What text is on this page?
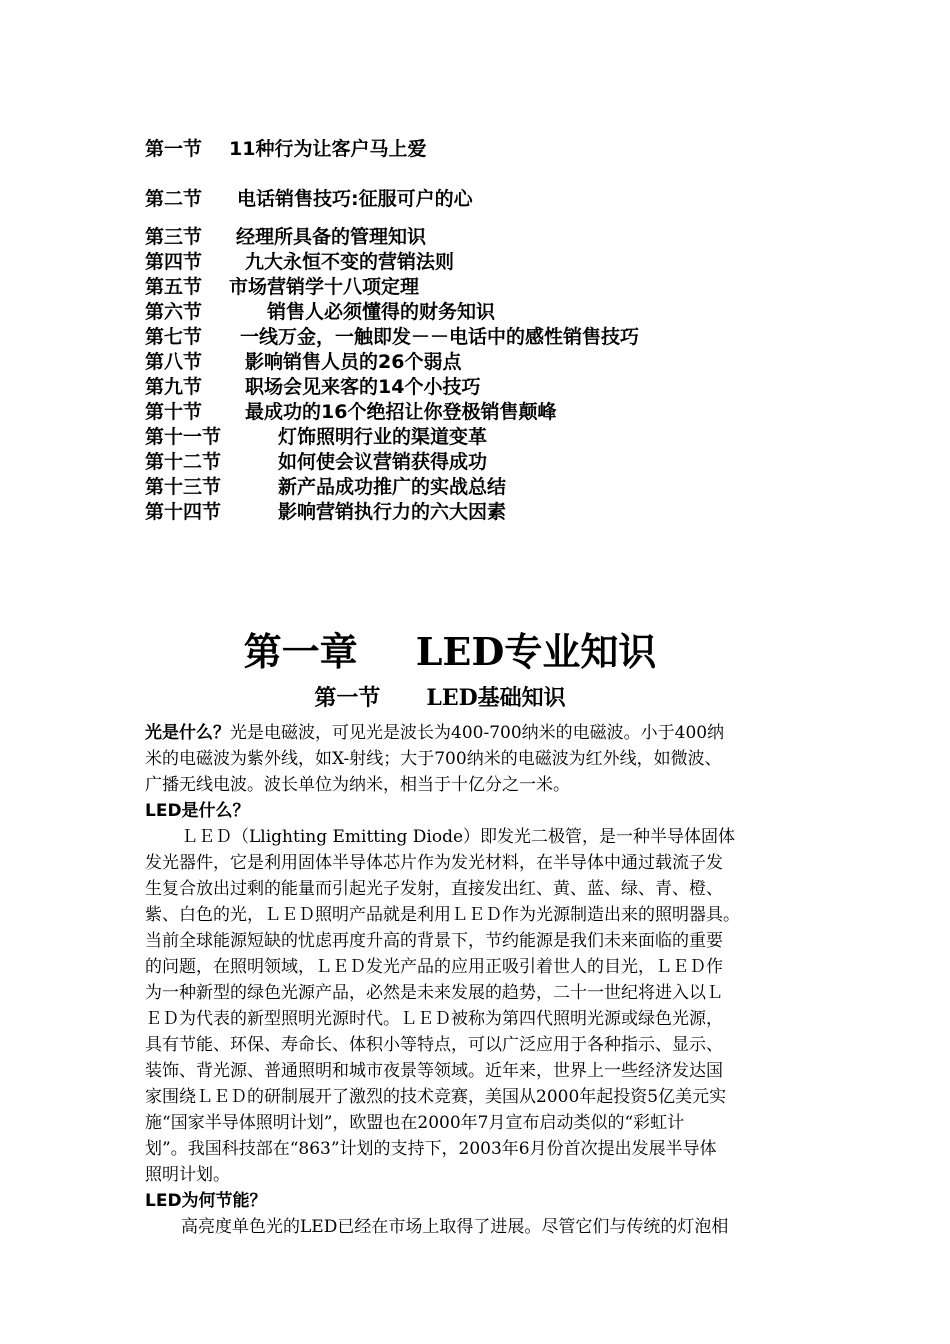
第一节 11种行为让客户马上爱
第二节 电话销售技巧:征服可户的心
第三节 经理所具备的管理知识
第四节 九大永恒不变的营销法则
第五节 市场营销学十八项定理
第六节	销售人必须懂得的财务知识
第七节 一线万金，一触即发－－电话中的感性销售技巧
第八节 影响销售人员的26个弱点
第九节 职场会见来客的14个小技巧
第十节 最成功的16个绝招让你登极销售颠峰
第十一节	灯饰照明行业的渠道变革
第十二节	如何使会议营销获得成功
第十三节	新产品成功推广的实战总结
第十四节	影响营销执行力的六大因素
第一章 LED专业知识
第一节 LED基础知识
光是什么？光是电磁波，可见光是波长为400-700纳米的电磁波。小于400纳
米的电磁波为紫外线，如X-射线；大于700纳米的电磁波为红外线，如微波、
广播无线电波。波长单位为纳米，相当于十亿分之一米。
LED是什么？
ＬＥＤ（Llighting Emitting Diode）即发光二极管，是一种半导体固体
发光器件，它是利用固体半导体芯片作为发光材料，在半导体中通过载流子发
生复合放出过剩的能量而引起光子发射，直接发出红、黄、蓝、绿、青、橙、
紫、白色的光，ＬＥＤ照明产品就是利用ＬＥＤ作为光源制造出来的照明器具。
当前全球能源短缺的忧虑再度升高的背景下，节约能源是我们未来面临的重要
的问题，在照明领域，ＬＥＤ发光产品的应用正吸引着世人的目光，ＬＥＤ作
为一种新型的绿色光源产品，必然是未来发展的趋势，二十一世纪将进入以Ｌ
ＥＤ为代表的新型照明光源时代。ＬＥＤ被称为第四代照明光源或绿色光源，
具有节能、环保、寿命长、体积小等特点，可以广泛应用于各种指示、显示、
装饰、背光源、普通照明和城市夜景等领域。近年来，世界上一些经济发达国
家围绕ＬＥＤ的研制展开了激烈的技术竞赛，美国从2000年起投资5亿美元实
施“国家半导体照明计划”，欧盟也在2000年7月宣布启动类似的“彩虹计
划”。我国科技部在“863”计划的支持下，2003年6月份首次提出发展半导体
照明计划。
LED为何节能？
高亮度单色光的LED已经在市场上取得了进展。尽管它们与传统的灯泡相
